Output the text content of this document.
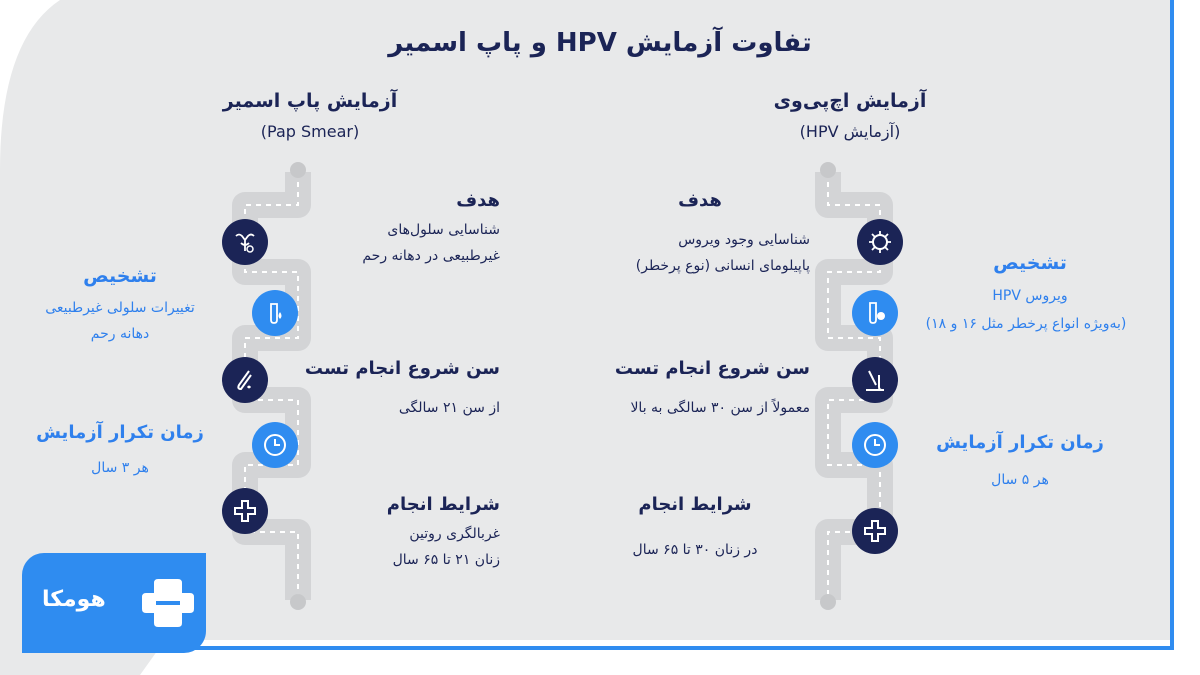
تفاوت آزمایش HPV و پاپ اسمیر
آزمایش پاپ اسمیر
(Pap Smear)
آزمایش اچ‌پی‌وی
(آزمایش HPV)
هدف
شناسایی سلول‌های
غیرطبیعی در دهانه رحم
سن شروع انجام تست
از سن ۲۱ سالگی
شرایط انجام
غربالگری روتین
زنان ۲۱ تا ۶۵ سال
تشخیص
تغییرات سلولی غیرطبیعی
دهانه رحم
زمان تکرار آزمایش
هر ۳ سال
هدف
شناسایی وجود ویروس
پاپیلومای انسانی (نوع پرخطر)
سن شروع انجام تست
معمولاً از سن ۳۰ سالگی به بالا
شرایط انجام
در زنان ۳۰ تا ۶۵ سال
تشخیص
ویروس HPV
(به‌ویژه انواع پرخطر مثل ۱۶ و ۱۸)
زمان تکرار آزمایش
هر ۵ سال
هومکا
